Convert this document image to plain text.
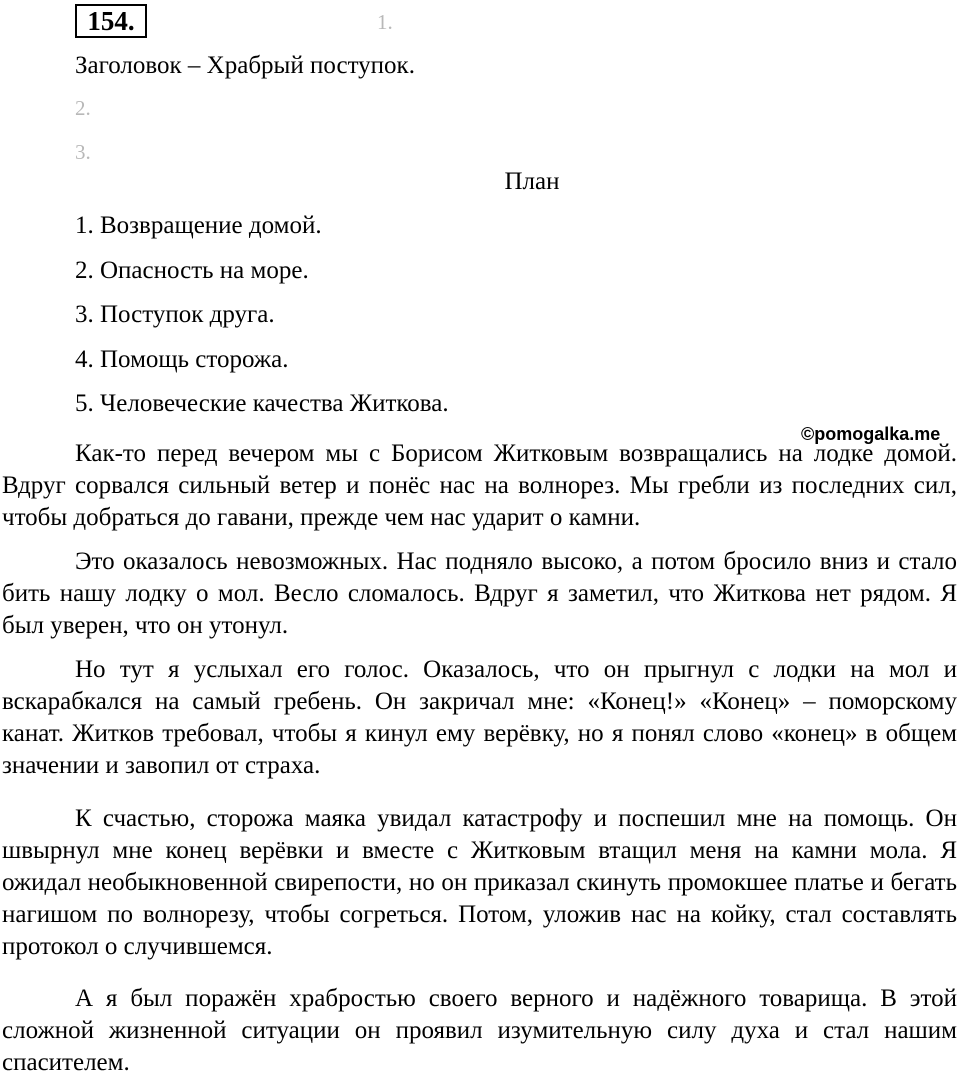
154.	1.
Заголовок – Храбрый поступок.
2.
3.
План
1. Возвращение домой.
2. Опасность на море.
3. Поступок друга.
4. Помощь сторожа.
5. Человеческие качества Житкова.
©pomogalka.me

Как-то перед вечером мы с Борисом Житковым возвращались на лодке домой. Вдруг сорвался сильный ветер и понёс нас на волнорез. Мы гребли из последних сил, чтобы добраться до гавани, прежде чем нас ударит о камни.

Это оказалось невозможных. Нас подняло высоко, а потом бросило вниз и стало бить нашу лодку о мол. Весло сломалось. Вдруг я заметил, что Житкова нет рядом. Я был уверен, что он утонул.

Но тут я услыхал его голос. Оказалось, что он прыгнул с лодки на мол и вскарабкался на самый гребень. Он закричал мне: «Конец!» «Конец» – поморскому канат. Житков требовал, чтобы я кинул ему верёвку, но я понял слово «конец» в общем значении и завопил от страха.

К счастью, сторожа маяка увидал катастрофу и поспешил мне на помощь. Он швырнул мне конец верёвки и вместе с Житковым втащил меня на камни мола. Я ожидал необыкновенной свирепости, но он приказал скинуть промокшее платье и бегать нагишом по волнорезу, чтобы согреться. Потом, уложив нас на койку, стал составлять протокол о случившемся.

А я был поражён храбростью своего верного и надёжного товарища. В этой сложной жизненной ситуации он проявил изумительную силу духа и стал нашим спасителем.
